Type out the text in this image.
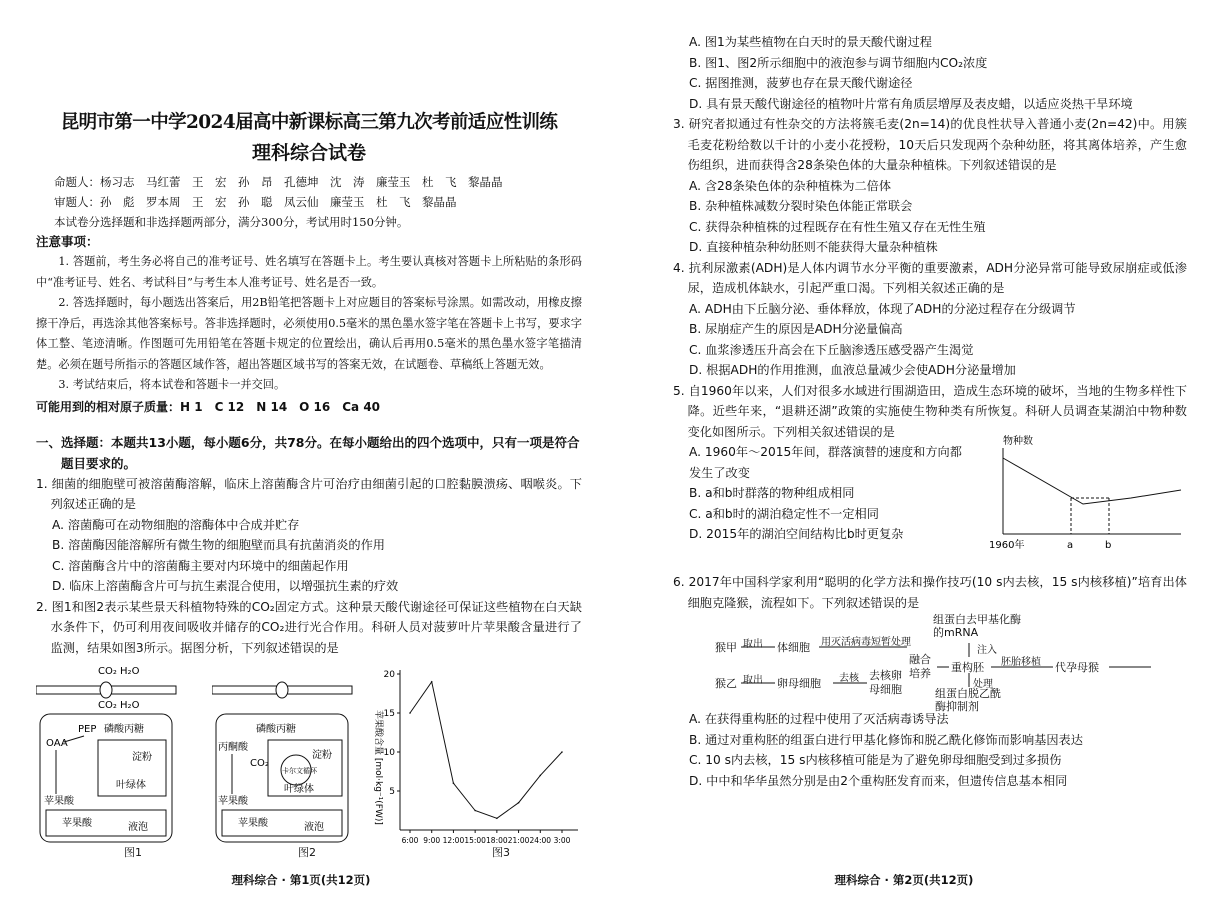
昆明市第一中学2024届高中新课标高三第九次考前适应性训练
理科综合试卷
命题人：杨习志　马红蕾　王　宏　孙　昂　孔德坤　沈　涛　廉莹玉　杜　飞　黎晶晶
审题人：孙　彪　罗本周　王　宏　孙　聪　凤云仙　廉莹玉　杜　飞　黎晶晶
本试卷分选择题和非选择题两部分，满分300分，考试用时150分钟。
注意事项：
1. 答题前，考生务必将自己的准考证号、姓名填写在答题卡上。考生要认真核对答题卡上所粘贴的条形码中“准考证号、姓名、考试科目”与考生本人准考证号、姓名是否一致。
2. 答选择题时，每小题选出答案后，用2B铅笔把答题卡上对应题目的答案标号涂黑。如需改动，用橡皮擦擦干净后，再选涂其他答案标号。答非选择题时，必须使用0.5毫米的黑色墨水签字笔在答题卡上书写，要求字体工整、笔迹清晰。作图题可先用铅笔在答题卡规定的位置绘出，确认后再用0.5毫米的黑色墨水签字笔描清楚。必须在题号所指示的答题区域作答，超出答题区域书写的答案无效，在试题卷、草稿纸上答题无效。
3. 考试结束后，将本试卷和答题卡一并交回。
可能用到的相对原子质量：H 1　C 12　N 14　O 16　Ca 40
一、选择题：本题共13小题，每小题6分，共78分。在每小题给出的四个选项中，只有一项是符合题目要求的。
1. 细菌的细胞壁可被溶菌酶溶解，临床上溶菌酶含片可治疗由细菌引起的口腔黏膜溃疡、咽喉炎。下列叙述正确的是
A. 溶菌酶可在动物细胞的溶酶体中合成并贮存
B. 溶菌酶因能溶解所有微生物的细胞壁而具有抗菌消炎的作用
C. 溶菌酶含片中的溶菌酶主要对内环境中的细菌起作用
D. 临床上溶菌酶含片可与抗生素混合使用，以增强抗生素的疗效
2. 图1和图2表示某些景天科植物特殊的CO₂固定方式。这种景天酸代谢途径可保证这些植物在白天缺水条件下，仍可利用夜间吸收并储存的CO₂进行光合作用。科研人员对菠萝叶片苹果酸含量进行了监测，结果如图3所示。据图分析，下列叙述错误的是
CO₂ H₂O
CO₂ H₂O
PEP 磷酸丙糖
OAA
淀粉
叶绿体
苹果酸
苹果酸	液泡
图1
磷酸丙糖
丙酮酸
CO₂
淀粉
卡尔文循环
叶绿体
苹果酸
苹果酸	液泡
图2
苹果酸含量 [mol·kg⁻¹(FW)] 5
10
15
20
6:00 9:00 12:00 15:00 18:00 21:00 24:00 3:00
图3
理科综合 · 第1页(共12页)
A. 图1为某些植物在白天时的景天酸代谢过程
B. 图1、图2所示细胞中的液泡参与调节细胞内CO₂浓度
C. 据图推测，菠萝也存在景天酸代谢途径
D. 具有景天酸代谢途径的植物叶片常有角质层增厚及表皮蜡，以适应炎热干旱环境
3. 研究者拟通过有性杂交的方法将簇毛麦(2n=14)的优良性状导入普通小麦(2n=42)中。用簇毛麦花粉给数以千计的小麦小花授粉，10天后只发现两个杂种幼胚，将其离体培养，产生愈伤组织，进而获得含28条染色体的大量杂种植株。下列叙述错误的是
A. 含28条染色体的杂种植株为二倍体
B. 杂种植株减数分裂时染色体能正常联会
C. 获得杂种植株的过程既存在有性生殖又存在无性生殖
D. 直接种植杂种幼胚则不能获得大量杂种植株
4. 抗利尿激素(ADH)是人体内调节水分平衡的重要激素，ADH分泌异常可能导致尿崩症或低渗尿，造成机体缺水，引起严重口渴。下列相关叙述正确的是
A. ADH由下丘脑分泌、垂体释放，体现了ADH的分泌过程存在分级调节
B. 尿崩症产生的原因是ADH分泌量偏高
C. 血浆渗透压升高会在下丘脑渗透压感受器产生渴觉
D. 根据ADH的作用推测，血液总量减少会使ADH分泌量增加
5. 自1960年以来，人们对很多水域进行围湖造田，造成生态环境的破坏，当地的生物多样性下降。近些年来，“退耕还湖”政策的实施使生物种类有所恢复。科研人员调查某湖泊中物种数变化如图所示。下列相关叙述错误的是
A. 1960年～2015年间，群落演替的速度和方向都发生了改变
B. a和b时群落的物种组成相同
C. a和b时的湖泊稳定性不一定相同
D. 2015年的湖泊空间结构比b时更复杂
物种数
1960年	a	b
6. 2017年中国科学家利用“聪明的化学方法和操作技巧(10 s内去核，15 s内核移植)”培育出体细胞克隆猴，流程如下。下列叙述错误的是
组蛋白去甲基化酶的mRNA
注入
猴甲 取出 体细胞 用灭活病毒短暂处理
融合培养	重构胚 胚胎移植 代孕母猴
猴乙 取出 卵母细胞 去核 去核卵母细胞	处理
组蛋白脱乙酰酶抑制剂
A. 在获得重构胚的过程中使用了灭活病毒诱导法
B. 通过对重构胚的组蛋白进行甲基化修饰和脱乙酰化修饰而影响基因表达
C. 10 s内去核，15 s内核移植可能是为了避免卵母细胞受到过多损伤
D. 中中和华华虽然分别是由2个重构胚发育而来，但遗传信息基本相同
理科综合 · 第2页(共12页)
